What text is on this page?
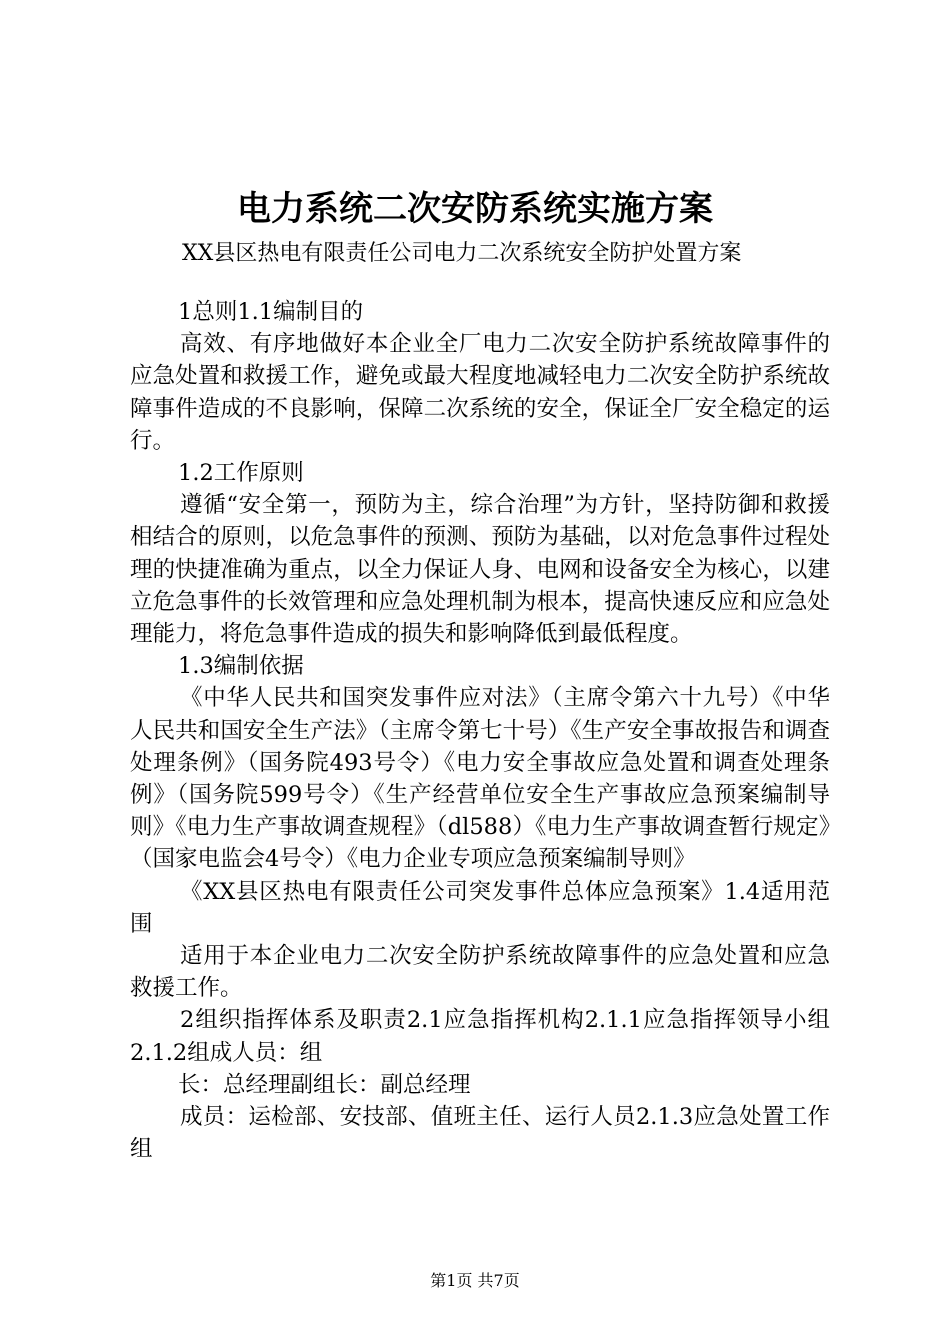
电力系统二次安防系统实施方案
XX县区热电有限责任公司电力二次系统安全防护处置方案

1总则1.1编制目的

高效、有序地做好本企业全厂电力二次安全防护系统故障事件的应急处置和救援工作，避免或最大程度地减轻电力二次安全防护系统故障事件造成的不良影响，保障二次系统的安全，保证全厂安全稳定的运行。

1.2工作原则

遵循“安全第一，预防为主，综合治理”为方针，坚持防御和救援相结合的原则，以危急事件的预测、预防为基础，以对危急事件过程处理的快捷准确为重点，以全力保证人身、电网和设备安全为核心，以建立危急事件的长效管理和应急处理机制为根本，提高快速反应和应急处理能力，将危急事件造成的损失和影响降低到最低程度。

1.3编制依据

《中华人民共和国突发事件应对法》（主席令第六十九号）《中华人民共和国安全生产法》（主席令第七十号）《生产安全事故报告和调查处理条例》（国务院493号令）《电力安全事故应急处置和调查处理条例》（国务院599号令）《生产经营单位安全生产事故应急预案编制导则》《电力生产事故调查规程》（dl588）《电力生产事故调查暂行规定》（国家电监会4号令）《电力企业专项应急预案编制导则》

《XX县区热电有限责任公司突发事件总体应急预案》1.4适用范围

适用于本企业电力二次安全防护系统故障事件的应急处置和应急救援工作。

2组织指挥体系及职责2.1应急指挥机构2.1.1应急指挥领导小组2.1.2组成人员：组

长：总经理副组长：副总经理

成员：运检部、安技部、值班主任、运行人员2.1.3应急处置工作组

第1页 共7页
